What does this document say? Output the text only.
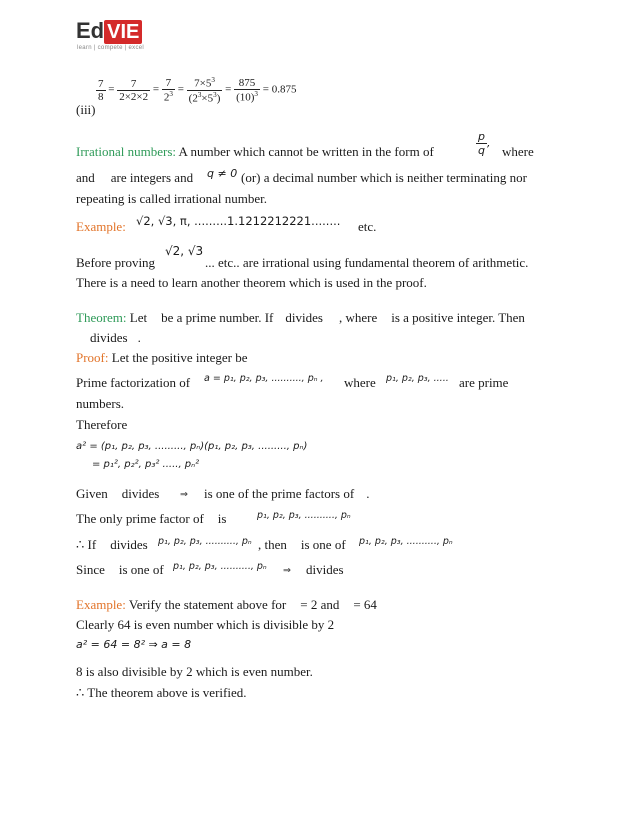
Ed VIE
learn | compete | excel
(iii)
$\frac{7}{8} = \frac{7}{2\times 2\times 2} = \frac{7}{2^3} = \frac{7\times 5^3}{(2^3\times 5^3)} = \frac{875}{(10)^3} = 0.875$
Irrational numbers: A number which cannot be written in the form of	$\frac{p}{q}$ ,
where
and are integers and q ≠ 0 (or) a decimal number which is neither terminating nor
repeating is called irrational number.
Example: √2, √3, π, .........1.1212212221........ etc.
Before proving
√2, √3
... etc.. are irrational using fundamental theorem of arithmetic.
There is a need to learn another theorem which is used in the proof.
Theorem: Let be a prime number. If divides , where is a positive integer. Then
divides .
Proof: Let the positive integer be
Prime factorization of a = p₁, p₂, p₃, .........., pₙ , where p₁, p₂, p₃, ..... are prime
numbers.
Therefore
a² = (p₁, p₂, p₃, ........., pₙ)(p₁, p₂, p₃, ........., pₙ)
= p₁², p₂², p₃² ....., pₙ²
Given divides ⇒ is one of the prime factors of .
The only prime factor of is	p₁, p₂, p₃, .........., pₙ
∴ If divides p₁, p₂, p₃, .........., pₙ , then is one of p₁, p₂, p₃, .........., pₙ
Since is one of p₁, p₂, p₃, .........., pₙ ⇒ divides
Example: Verify the statement above for = 2 and = 64
Clearly 64 is even number which is divisible by 2
a² = 64 = 8² ⇒ a = 8
8 is also divisible by 2 which is even number.
∴ The theorem above is verified.
